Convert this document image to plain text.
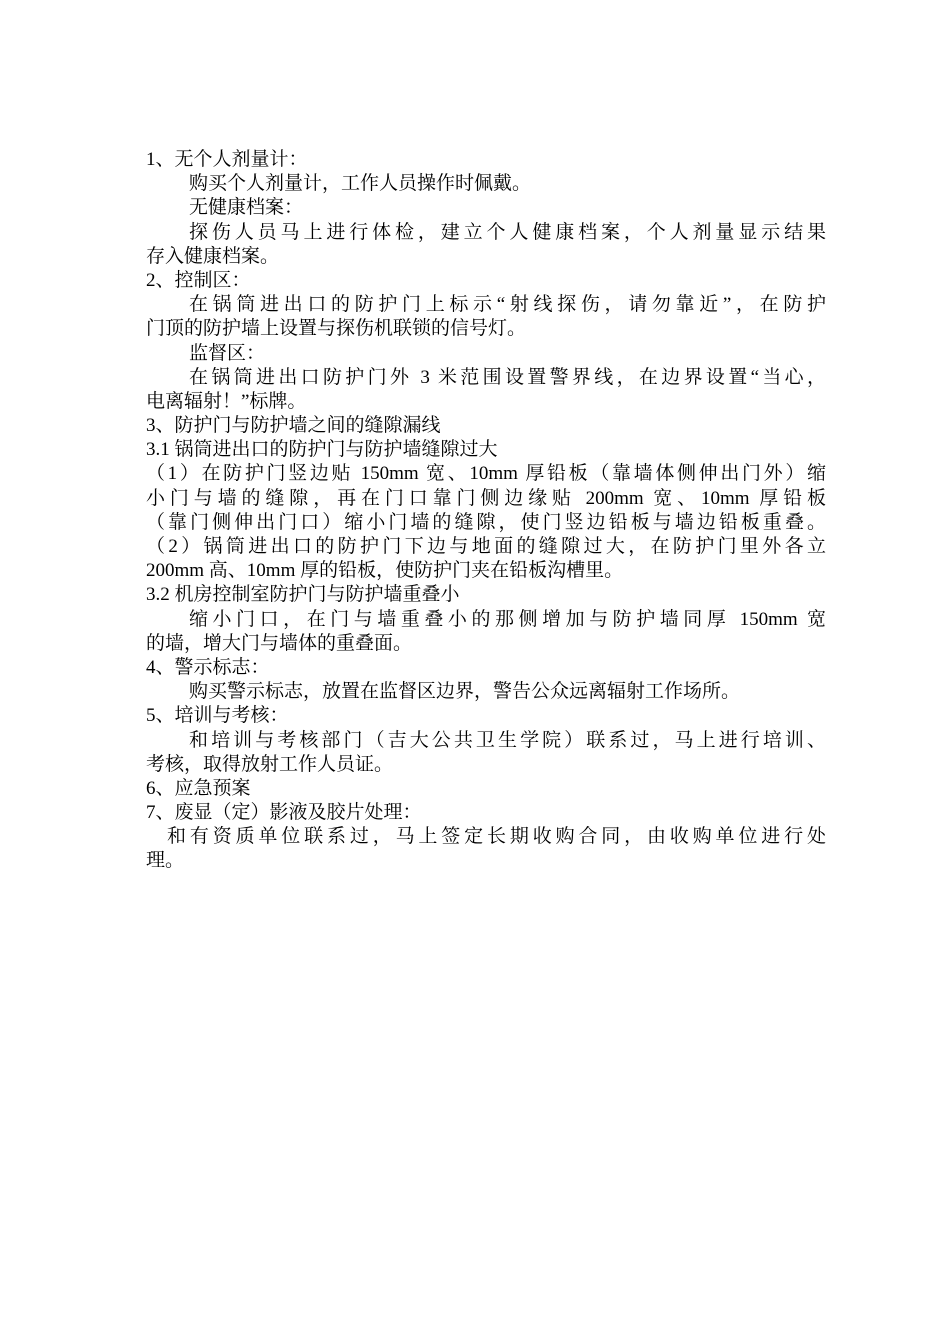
1、无个人剂量计：

购买个人剂量计，工作人员操作时佩戴。

无健康档案：

探伤人员马上进行体检，建立个人健康档案，个人剂量显示结果

存入健康档案。

2、控制区：

在锅筒进出口的防护门上标示“射线探伤，请勿靠近”，在防护

门顶的防护墙上设置与探伤机联锁的信号灯。

监督区：

在锅筒进出口防护门外 3 米范围设置警界线，在边界设置“当心，

电离辐射！”标牌。

3、防护门与防护墙之间的缝隙漏线

3.1 锅筒进出口的防护门与防护墙缝隙过大

（1）在防护门竖边贴 150mm 宽、10mm 厚铅板（靠墙体侧伸出门外）缩

小门与墙的缝隙，再在门口靠门侧边缘贴 200mm 宽、10mm 厚铅板

（靠门侧伸出门口）缩小门墙的缝隙，使门竖边铅板与墙边铅板重叠。

（2）锅筒进出口的防护门下边与地面的缝隙过大，在防护门里外各立

200mm 高、10mm 厚的铅板，使防护门夹在铅板沟槽里。

3.2 机房控制室防护门与防护墙重叠小

缩小门口，在门与墙重叠小的那侧增加与防护墙同厚 150mm 宽

的墙，增大门与墙体的重叠面。

4、警示标志：

购买警示标志，放置在监督区边界，警告公众远离辐射工作场所。

5、培训与考核：

和培训与考核部门（吉大公共卫生学院）联系过，马上进行培训、

考核，取得放射工作人员证。

6、应急预案

7、废显（定）影液及胶片处理：

和有资质单位联系过，马上签定长期收购合同，由收购单位进行处

理。
